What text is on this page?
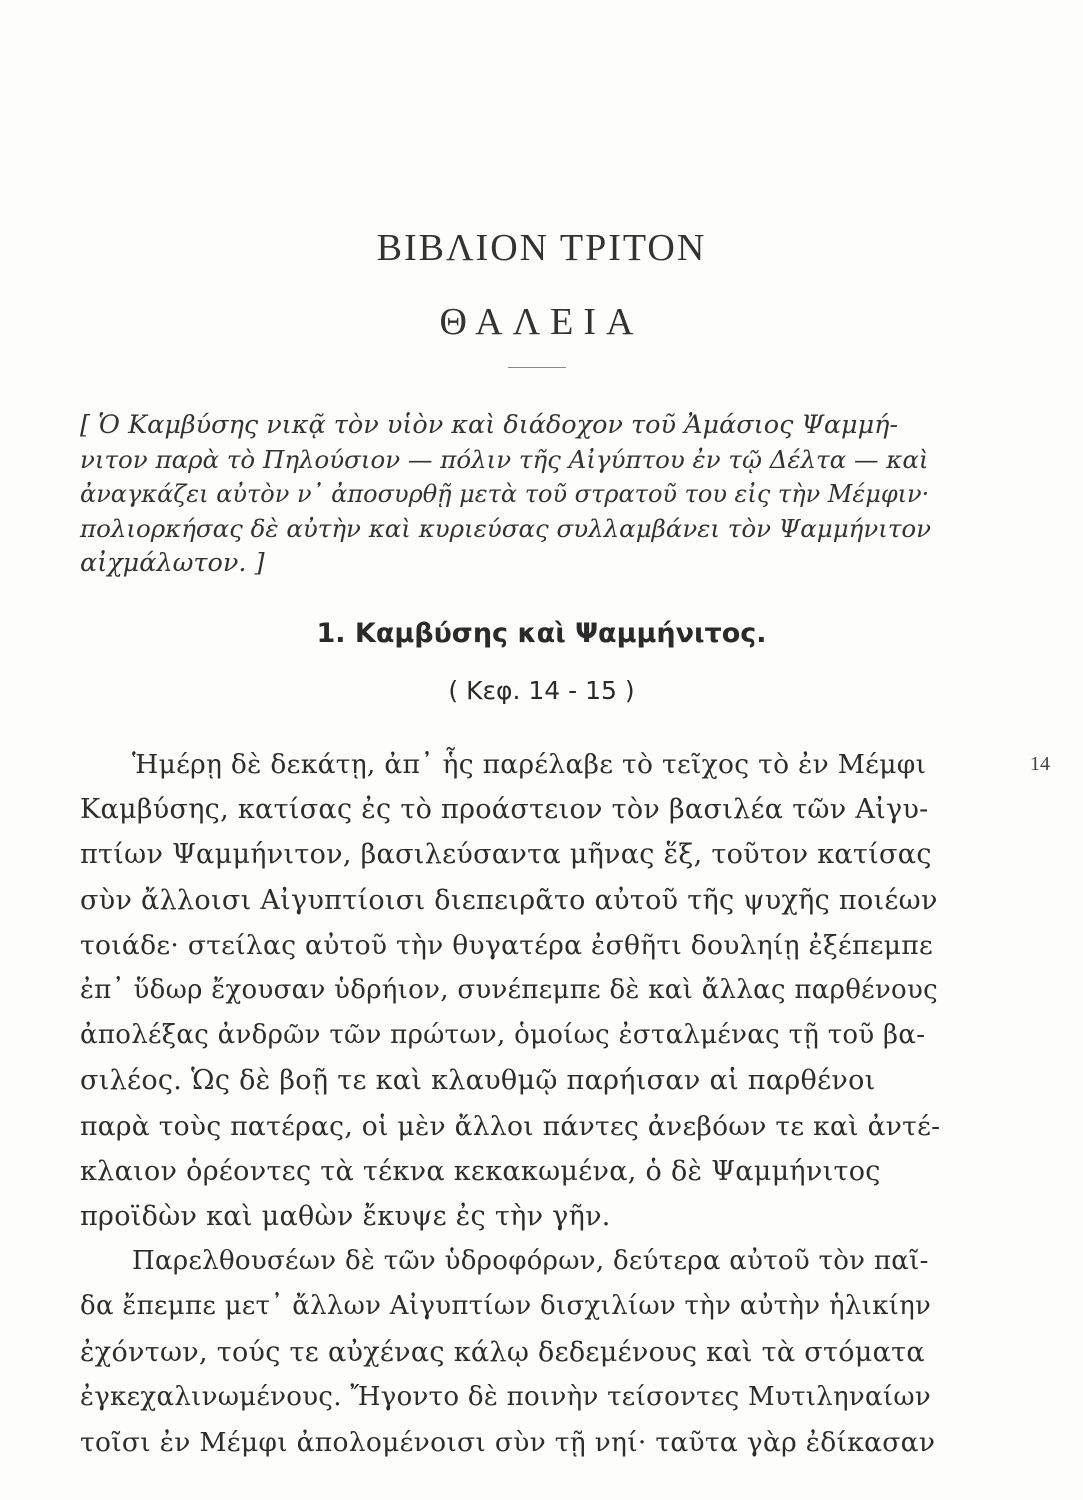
ΒΙΒΛΙΟΝ ΤΡΙΤΟΝ
ΘΑΛΕΙΑ
[ Ὁ Καμβύσης νικᾷ τὸν υἱὸν καὶ διάδοχον τοῦ Ἀμάσιος Ψαμμή-
νιτον παρὰ τὸ Πηλούσιον — πόλιν τῆς Αἰγύπτου ἐν τῷ Δέλτα — καὶ
ἀναγκάζει αὐτὸν ν᾽ ἀποσυρθῇ μετὰ τοῦ στρατοῦ του εἰς τὴν Μέμφιν·
πολιορκήσας δὲ αὐτὴν καὶ κυριεύσας συλλαμβάνει τὸν Ψαμμήνιτον
αἰχμάλωτον. ]
1. Καμβύσης καὶ Ψαμμήνιτος.
( Κεφ. 14 - 15 )
14

Ἡμέρῃ δὲ δεκάτῃ, ἀπ᾽ ἧς παρέλαβε τὸ τεῖχος τὸ ἐν Μέμφι
Καμβύσης, κατίσας ἐς τὸ προάστειον τὸν βασιλέα τῶν Αἰγυ-
πτίων Ψαμμήνιτον, βασιλεύσαντα μῆνας ἕξ, τοῦτον κατίσας
σὺν ἄλλοισι Αἰγυπτίοισι διεπειρᾶτο αὐτοῦ τῆς ψυχῆς ποιέων
τοιάδε· στείλας αὐτοῦ τὴν θυγατέρα ἐσθῆτι δουληίῃ ἐξέπεμπε
ἐπ᾽ ὕδωρ ἔχουσαν ὑδρήιον, συνέπεμπε δὲ καὶ ἄλλας παρθένους
ἀπολέξας ἀνδρῶν τῶν πρώτων, ὁμοίως ἐσταλμένας τῇ τοῦ βα-
σιλέος. Ὡς δὲ βοῇ τε καὶ κλαυθμῷ παρήισαν αἱ παρθένοι
παρὰ τοὺς πατέρας, οἱ μὲν ἄλλοι πάντες ἀνεβόων τε καὶ ἀντέ-
κλαιον ὁρέοντες τὰ τέκνα κεκακωμένα, ὁ δὲ Ψαμμήνιτος
προϊδὼν καὶ μαθὼν ἔκυψε ἐς τὴν γῆν.

Παρελθουσέων δὲ τῶν ὑδροφόρων, δεύτερα αὐτοῦ τὸν παῖ-
δα ἔπεμπε μετ᾽ ἄλλων Αἰγυπτίων δισχιλίων τὴν αὐτὴν ἡλικίην
ἐχόντων, τούς τε αὐχένας κάλῳ δεδεμένους καὶ τὰ στόματα
ἐγκεχαλινωμένους. Ἤγοντο δὲ ποινὴν τείσοντες Μυτιληναίων
τοῖσι ἐν Μέμφι ἀπολομένοισι σὺν τῇ νηί· ταῦτα γὰρ ἐδίκασαν
